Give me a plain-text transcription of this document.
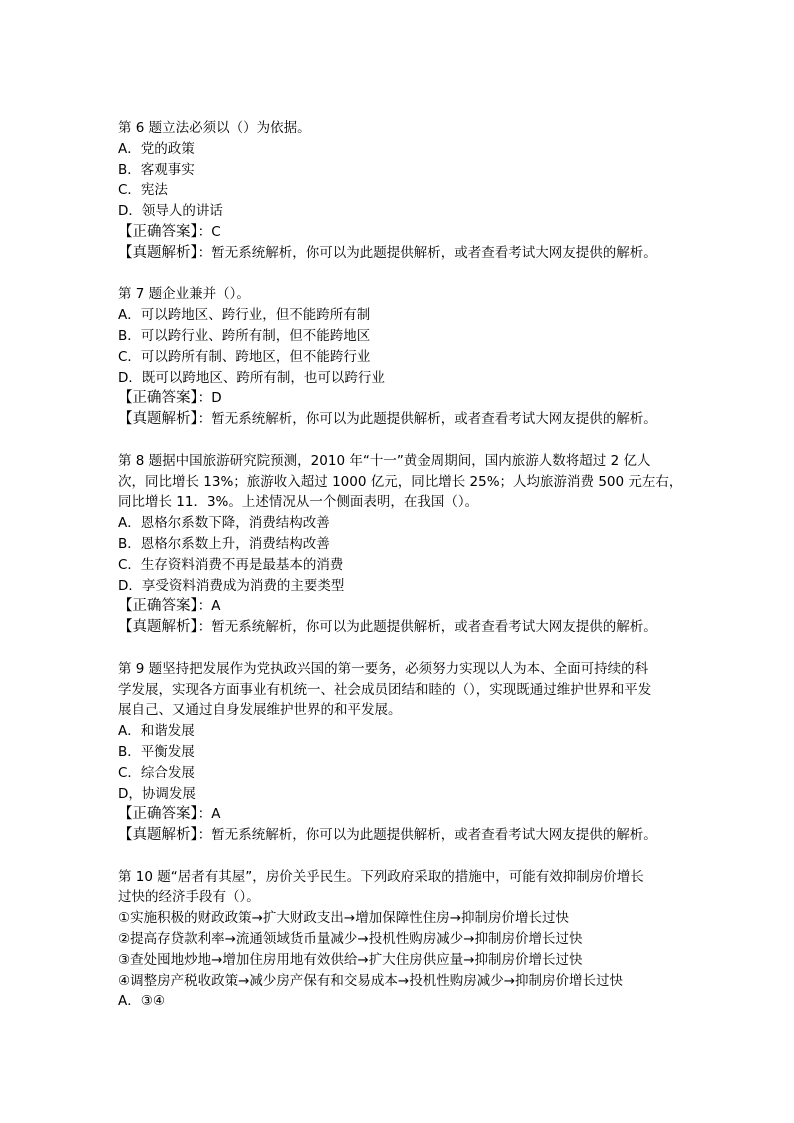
第 6 题立法必须以（）为依据。
A．党的政策
B．客观事实
C．宪法
D．领导人的讲话
【正确答案】：C
【真题解析】：暂无系统解析，你可以为此题提供解析，或者查看考试大网友提供的解析。
第 7 题企业兼并（）。
A．可以跨地区、跨行业，但不能跨所有制
B．可以跨行业、跨所有制，但不能跨地区
C．可以跨所有制、跨地区，但不能跨行业
D．既可以跨地区、跨所有制，也可以跨行业
【正确答案】：D
【真题解析】：暂无系统解析，你可以为此题提供解析，或者查看考试大网友提供的解析。
第 8 题据中国旅游研究院预测，2010 年“十一”黄金周期间，国内旅游人数将超过 2 亿人
次，同比增长 13%；旅游收入超过 1000 亿元，同比增长 25%；人均旅游消费 500 元左右，
同比增长 11．3%。上述情况从一个侧面表明，在我国（）。
A．恩格尔系数下降，消费结构改善
B．恩格尔系数上升，消费结构改善
C．生存资料消费不再是最基本的消费
D．享受资料消费成为消费的主要类型
【正确答案】：A
【真题解析】：暂无系统解析，你可以为此题提供解析，或者查看考试大网友提供的解析。
第 9 题坚持把发展作为党执政兴国的第一要务，必须努力实现以人为本、全面可持续的科
学发展，实现各方面事业有机统一、社会成员团结和睦的（），实现既通过维护世界和平发
展自己、又通过自身发展维护世界的和平发展。
A．和谐发展
B．平衡发展
C．综合发展
D，协调发展
【正确答案】：A
【真题解析】：暂无系统解析，你可以为此题提供解析，或者查看考试大网友提供的解析。
第 10 题“居者有其屋”，房价关乎民生。下列政府采取的措施中，可能有效抑制房价增长
过快的经济手段有（）。
①实施积极的财政政策→扩大财政支出→增加保障性住房→抑制房价增长过快
②提高存贷款利率→流通领域货币量减少→投机性购房减少→抑制房价增长过快
③查处囤地炒地→增加住房用地有效供给→扩大住房供应量→抑制房价增长过快
④调整房产税收政策→减少房产保有和交易成本→投机性购房减少→抑制房价增长过快
A．③④
